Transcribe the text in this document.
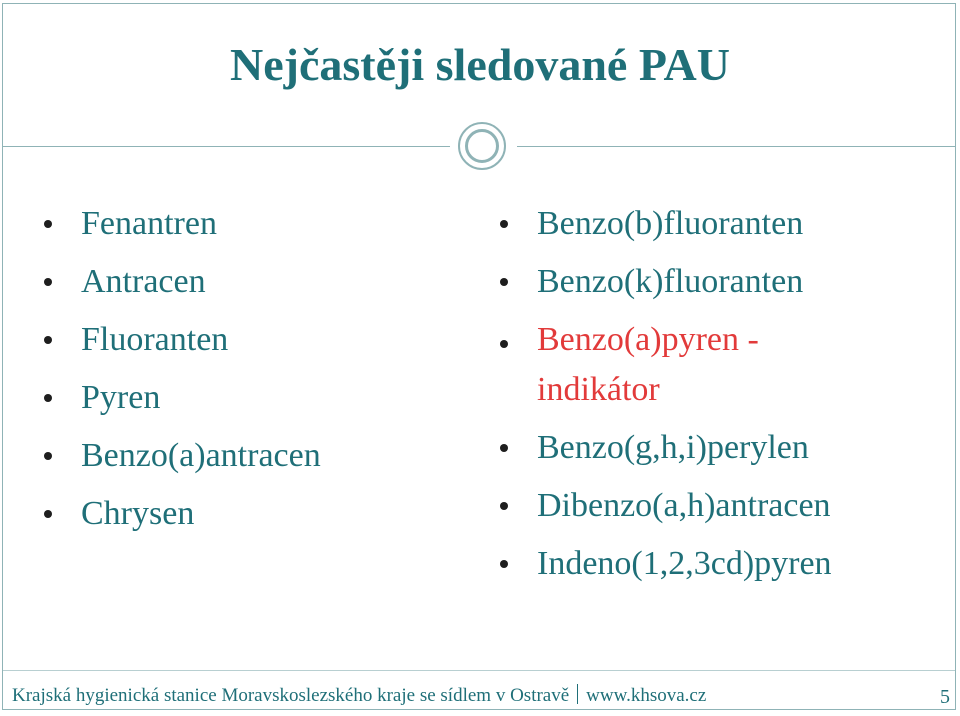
Nejčastěji sledované PAU
Fenantren
Antracen
Fluoranten
Pyren
Benzo(a)antracen
Chrysen
Benzo(b)fluoranten
Benzo(k)fluoranten
Benzo(a)pyren -
indikátor
Benzo(g,h,i)perylen
Dibenzo(a,h)antracen
Indeno(1,2,3cd)pyren
Krajská hygienická stanice Moravskoslezského kraje se sídlem v Ostravě www.khsova.cz	5
